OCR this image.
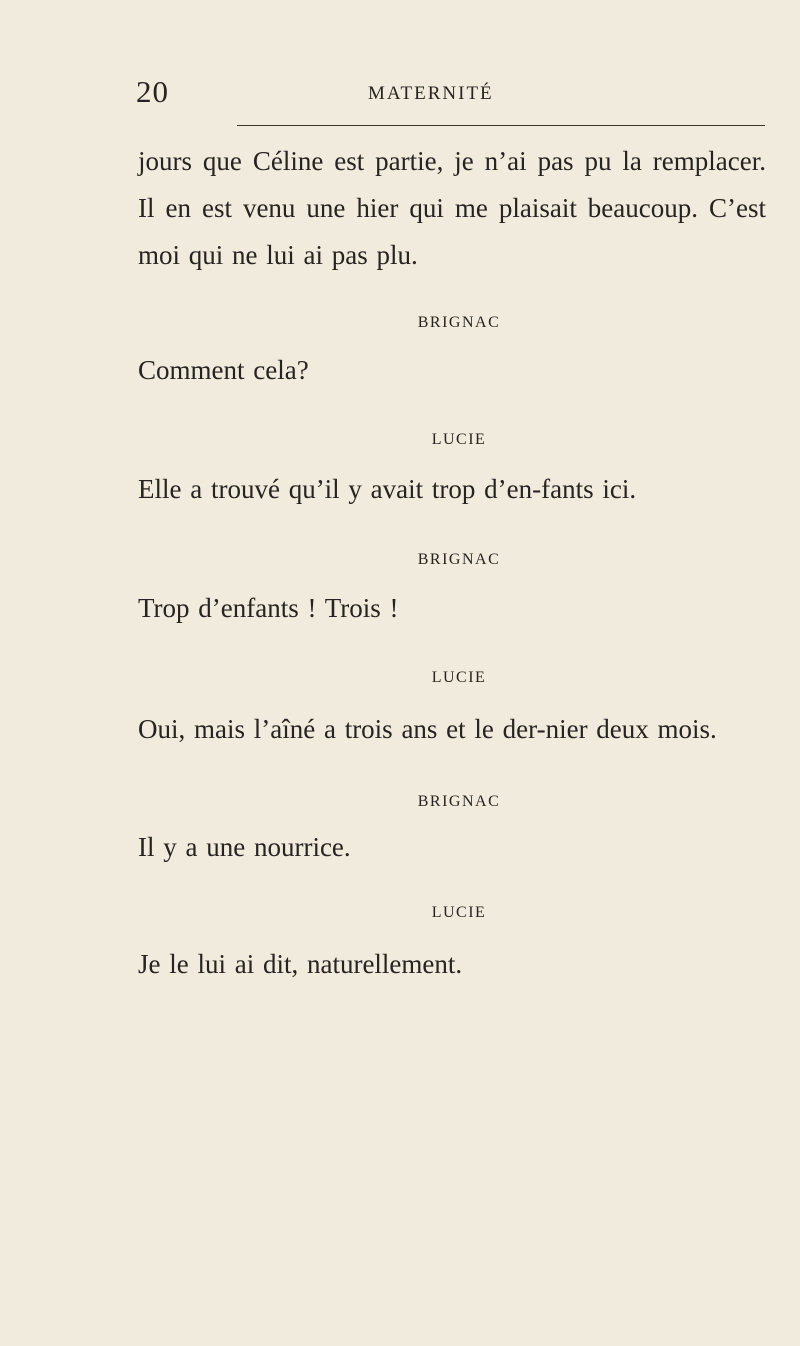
20	MATERNITÉ

jours que Céline est partie, je n’ai pas pu la remplacer. Il en est venu une hier qui me plaisait beaucoup. C’est moi qui ne lui ai pas plu.

BRIGNAC

Comment cela?

LUCIE

Elle a trouvé qu’il y avait trop d’en-fants ici.

BRIGNAC

Trop d’enfants ! Trois !

LUCIE

Oui, mais l’aîné a trois ans et le der-nier deux mois.

BRIGNAC

Il y a une nourrice.

LUCIE

Je le lui ai dit, naturellement.
